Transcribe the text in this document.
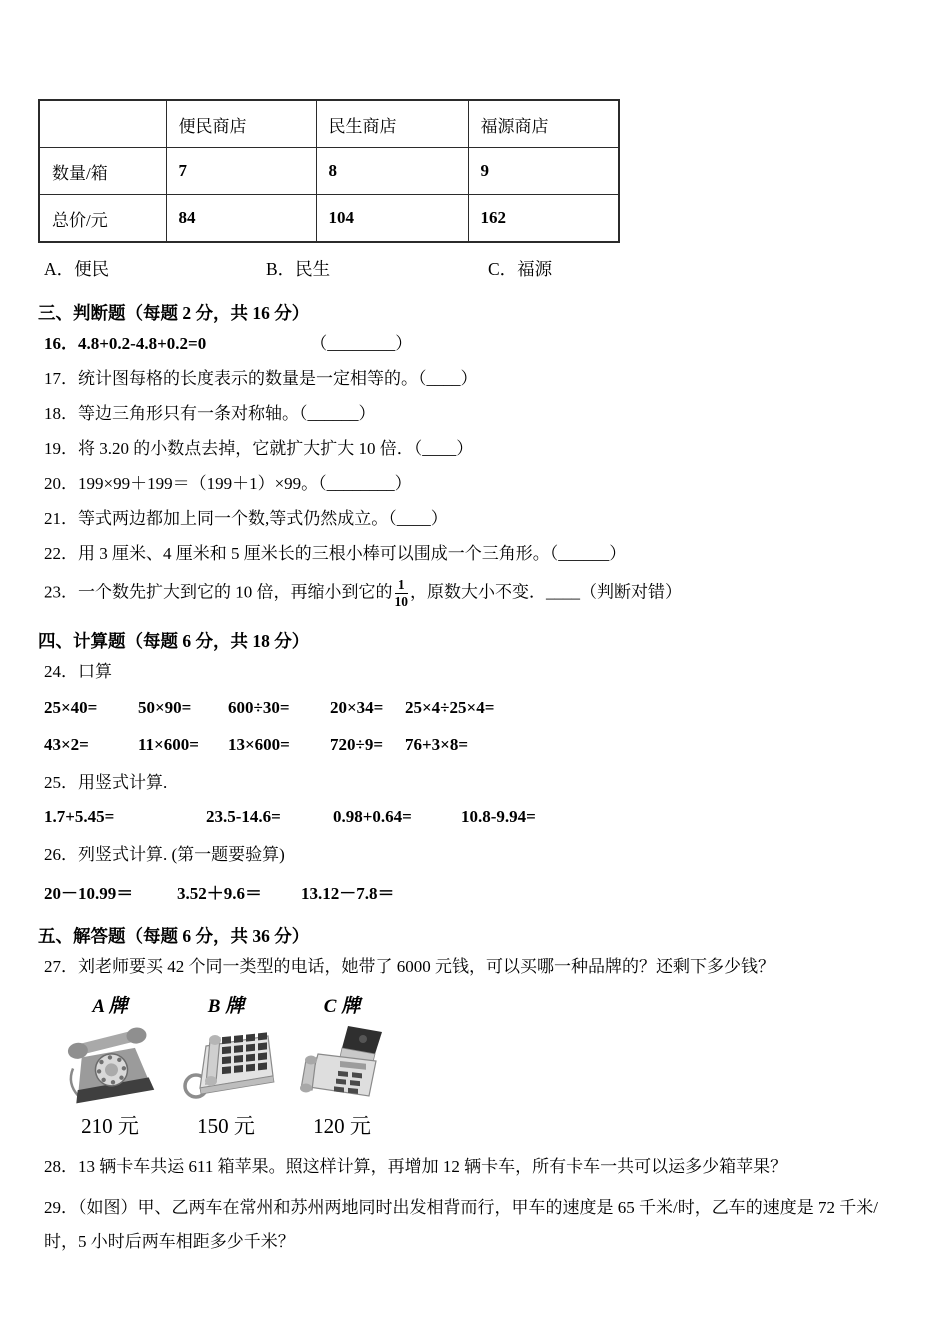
	便民商店	民生商店	福源商店
数量/箱	7	8	9
总价/元	84	104	162
A．便民	B．民生	C．福源
三、判断题（每题 2 分，共 16 分）

16．4.8+0.2-4.8+0.2=0	（________）

17．统计图每格的长度表示的数量是一定相等的。（____）

18．等边三角形只有一条对称轴。（______）

19．将 3.20 的小数点去掉，它就扩大扩大 10 倍．（____）

20．199×99＋199＝（199＋1）×99。（________）

21．等式两边都加上同一个数,等式仍然成立。（____）

22．用 3 厘米、4 厘米和 5 厘米长的三根小棒可以围成一个三角形。（______）

23．一个数先扩大到它的 10 倍，再缩小到它的 $\frac{1}{10}$ ，原数大小不变．____（判断对错）

四、计算题（每题 6 分，共 18 分）

24．口算

25×40= 50×90= 600÷30= 20×34= 25×4÷25×4=

43×2=	11×600= 13×600= 720÷9= 76+3×8=

25．用竖式计算.

1.7+5.45=	23.5-14.6=	0.98+0.64=	10.8-9.94=

26．列竖式计算. (第一题要验算)

20－10.99＝	3.52＋9.6＝ 13.12－7.8＝

五、解答题（每题 6 分，共 36 分）

27．刘老师要买 42 个同一类型的电话，她带了 6000 元钱，可以买哪一种品牌的？还剩下多少钱？

A 牌
210 元
B 牌
150 元
C 牌
120 元

28．13 辆卡车共运 611 箱苹果。照这样计算，再增加 12 辆卡车，所有卡车一共可以运多少箱苹果？

29．（如图）甲、乙两车在常州和苏州两地同时出发相背而行，甲车的速度是 65 千米/时，乙车的速度是 72 千米/时，5 小时后两车相距多少千米？
